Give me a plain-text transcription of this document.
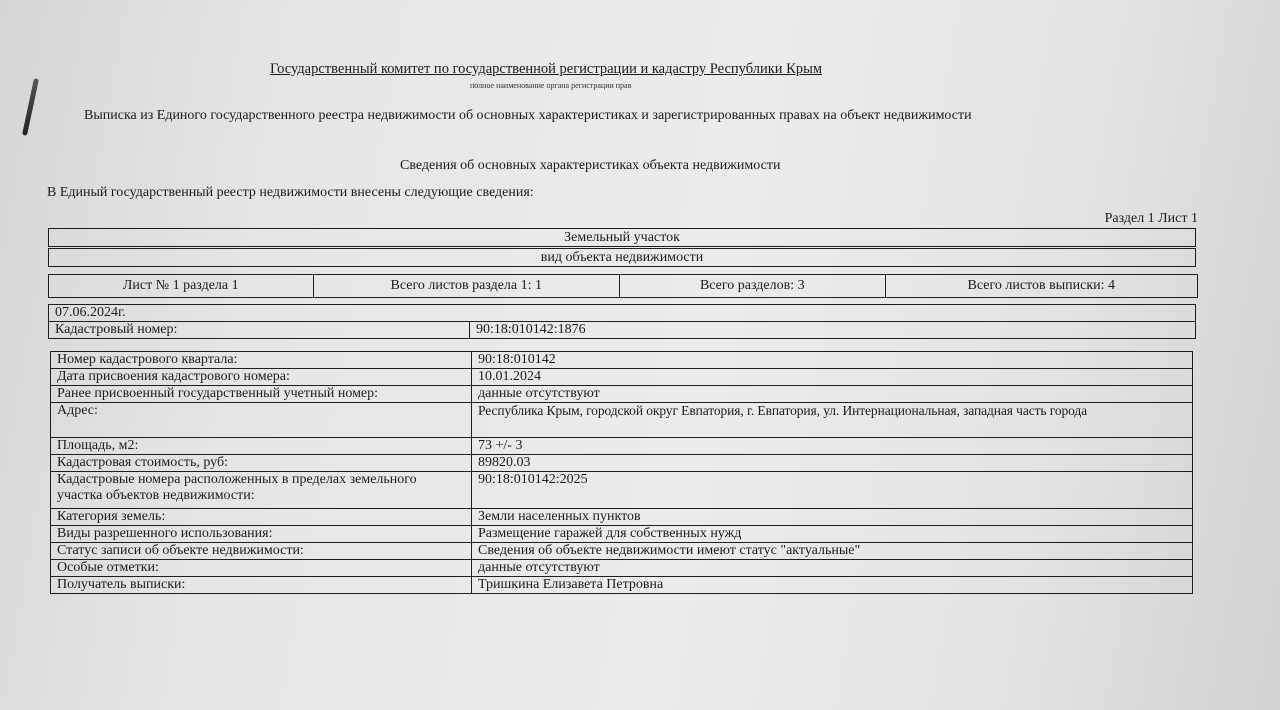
Государственный комитет по государственной регистрации и кадастру Республики Крым
полное наименование органа регистрации прав
Выписка из Единого государственного реестра недвижимости об основных характеристиках и зарегистрированных правах на объект недвижимости
Сведения об основных характеристиках объекта недвижимости
В Единый государственный реестр недвижимости внесены следующие сведения:
Раздел 1 Лист 1
Земельный участок
вид объекта недвижимости
Лист № 1 раздела 1	Всего листов раздела 1: 1	Всего разделов: 3	Всего листов выписки: 4
07.06.2024г.
Кадастровый номер:	90:18:010142:1876
Номер кадастрового квартала:	90:18:010142
Дата присвоения кадастрового номера:	10.01.2024
Ранее присвоенный государственный учетный номер:	данные отсутствуют
Адрес:	Республика Крым, городской округ Евпатория, г. Евпатория, ул. Интернациональная, западная часть города
Площадь, м2:	73 +/- 3
Кадастровая стоимость, руб:	89820.03
Кадастровые номера расположенных в пределах земельного участка объектов недвижимости:	90:18:010142:2025
Категория земель:	Земли населенных пунктов
Виды разрешенного использования:	Размещение гаражей для собственных нужд
Статус записи об объекте недвижимости:	Сведения об объекте недвижимости имеют статус "актуальные"
Особые отметки:	данные отсутствуют
Получатель выписки:	Тришкина Елизавета Петровна
